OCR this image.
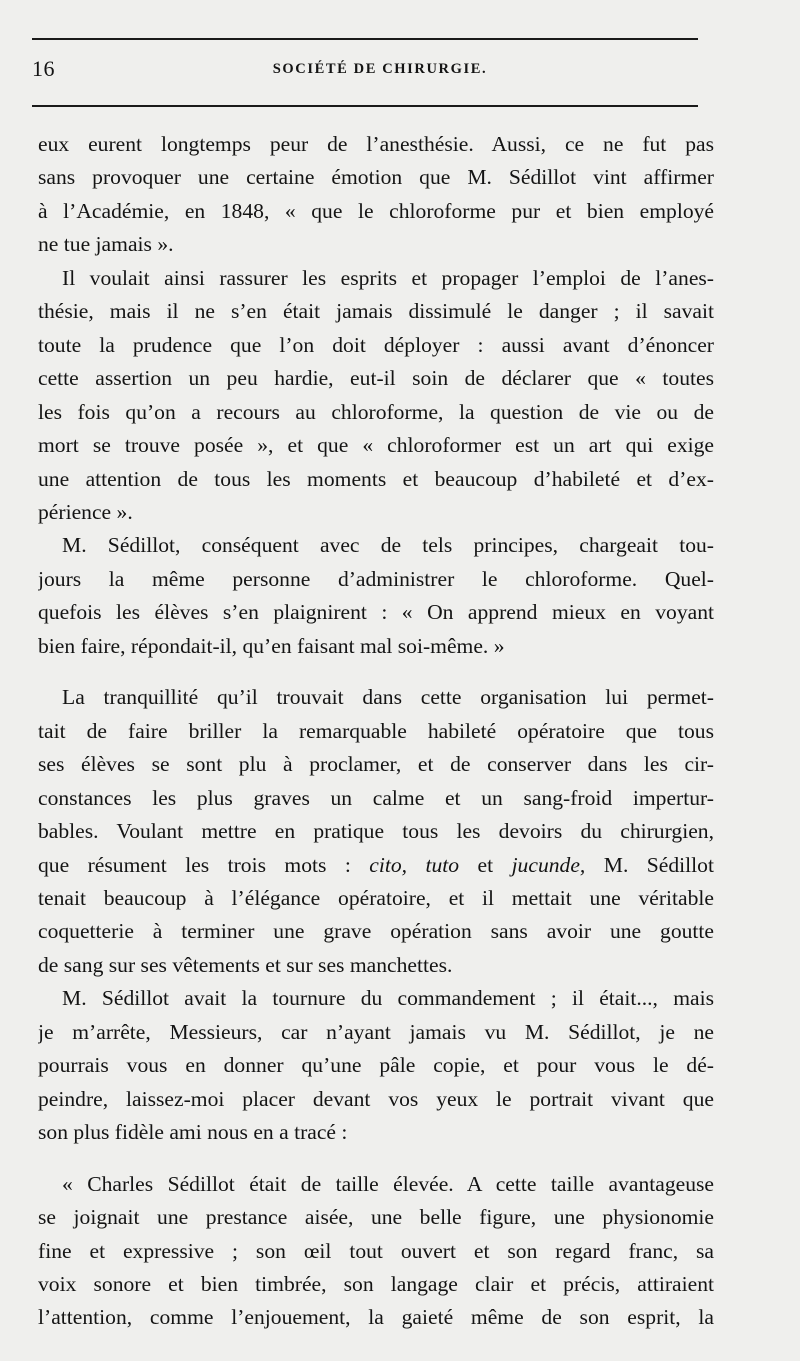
16	SOCIÉTÉ DE CHIRURGIE.

eux eurent longtemps peur de l’anesthésie. Aussi, ce ne fut pas
sans provoquer une certaine émotion que M. Sédillot vint affirmer
à l’Académie, en 1848, « que le chloroforme pur et bien employé
ne tue jamais ».

Il voulait ainsi rassurer les esprits et propager l’emploi de l’anes-
thésie, mais il ne s’en était jamais dissimulé le danger ; il savait
toute la prudence que l’on doit déployer : aussi avant d’énoncer
cette assertion un peu hardie, eut-il soin de déclarer que « toutes
les fois qu’on a recours au chloroforme, la question de vie ou de
mort se trouve posée », et que « chloroformer est un art qui exige
une attention de tous les moments et beaucoup d’habileté et d’ex-
périence ».

M. Sédillot, conséquent avec de tels principes, chargeait tou-
jours la même personne d’administrer le chloroforme. Quel-
quefois les élèves s’en plaignirent : « On apprend mieux en voyant
bien faire, répondait-il, qu’en faisant mal soi-même. »

La tranquillité qu’il trouvait dans cette organisation lui permet-
tait de faire briller la remarquable habileté opératoire que tous
ses élèves se sont plu à proclamer, et de conserver dans les cir-
constances les plus graves un calme et un sang-froid impertur-
bables. Voulant mettre en pratique tous les devoirs du chirurgien,
que résument les trois mots : cito, tuto et jucunde, M. Sédillot
tenait beaucoup à l’élégance opératoire, et il mettait une véritable
coquetterie à terminer une grave opération sans avoir une goutte
de sang sur ses vêtements et sur ses manchettes.

M. Sédillot avait la tournure du commandement ; il était..., mais
je m’arrête, Messieurs, car n’ayant jamais vu M. Sédillot, je ne
pourrais vous en donner qu’une pâle copie, et pour vous le dé-
peindre, laissez-moi placer devant vos yeux le portrait vivant que
son plus fidèle ami nous en a tracé :

« Charles Sédillot était de taille élevée. A cette taille avantageuse
se joignait une prestance aisée, une belle figure, une physionomie
fine et expressive ; son œil tout ouvert et son regard franc, sa
voix sonore et bien timbrée, son langage clair et précis, attiraient
l’attention, comme l’enjouement, la gaieté même de son esprit, la
